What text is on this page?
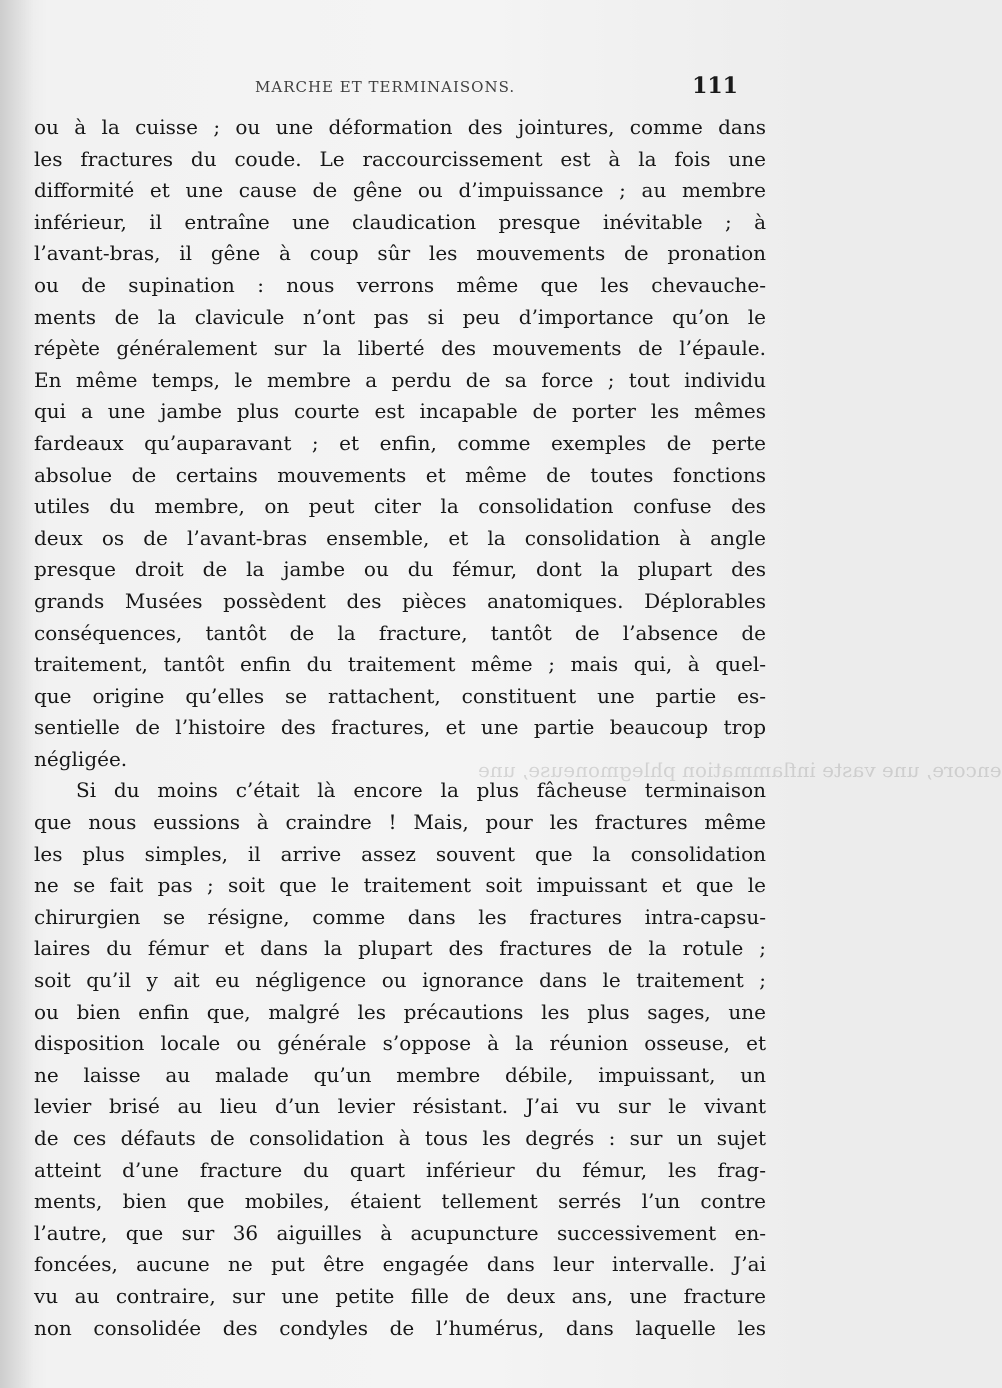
MARCHE ET TERMINAISONS.	111
encore, une vaste inflammation phlegmoneuse, une
ou à la cuisse ; ou une déformation des jointures, comme dans
les fractures du coude. Le raccourcissement est à la fois une
difformité et une cause de gêne ou d’impuissance ; au membre
inférieur, il entraîne une claudication presque inévitable ; à
l’avant-bras, il gêne à coup sûr les mouvements de pronation
ou de supination : nous verrons même que les chevauche-
ments de la clavicule n’ont pas si peu d’importance qu’on le
répète généralement sur la liberté des mouvements de l’épaule.
En même temps, le membre a perdu de sa force ; tout individu
qui a une jambe plus courte est incapable de porter les mêmes
fardeaux qu’auparavant ; et enfin, comme exemples de perte
absolue de certains mouvements et même de toutes fonctions
utiles du membre, on peut citer la consolidation confuse des
deux os de l’avant-bras ensemble, et la consolidation à angle
presque droit de la jambe ou du fémur, dont la plupart des
grands Musées possèdent des pièces anatomiques. Déplorables
conséquences, tantôt de la fracture, tantôt de l’absence de
traitement, tantôt enfin du traitement même ; mais qui, à quel-
que origine qu’elles se rattachent, constituent une partie es-
sentielle de l’histoire des fractures, et une partie beaucoup trop
négligée.
Si du moins c’était là encore la plus fâcheuse terminaison
que nous eussions à craindre ! Mais, pour les fractures même
les plus simples, il arrive assez souvent que la consolidation
ne se fait pas ; soit que le traitement soit impuissant et que le
chirurgien se résigne, comme dans les fractures intra-capsu-
laires du fémur et dans la plupart des fractures de la rotule ;
soit qu’il y ait eu négligence ou ignorance dans le traitement ;
ou bien enfin que, malgré les précautions les plus sages, une
disposition locale ou générale s’oppose à la réunion osseuse, et
ne laisse au malade qu’un membre débile, impuissant, un
levier brisé au lieu d’un levier résistant. J’ai vu sur le vivant
de ces défauts de consolidation à tous les degrés : sur un sujet
atteint d’une fracture du quart inférieur du fémur, les frag-
ments, bien que mobiles, étaient tellement serrés l’un contre
l’autre, que sur 36 aiguilles à acupuncture successivement en-
foncées, aucune ne put être engagée dans leur intervalle. J’ai
vu au contraire, sur une petite fille de deux ans, une fracture
non consolidée des condyles de l’humérus, dans laquelle les
